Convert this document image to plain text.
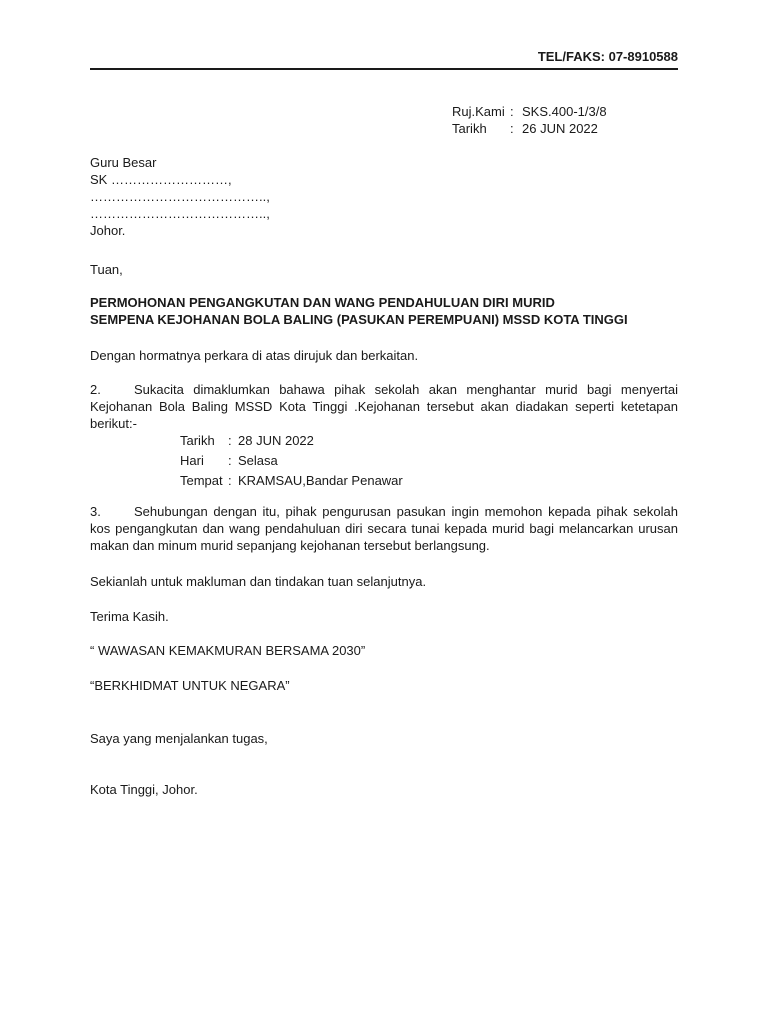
TEL/FAKS: 07-8910588
Ruj.Kami : SKS.400-1/3/8
Tarikh	: 26 JUN 2022
Guru Besar
SK ………………………,
…………………………………..,
…………………………………..,
Johor.
Tuan,
PERMOHONAN PENGANGKUTAN DAN WANG PENDAHULUAN DIRI MURID
SEMPENA KEJOHANAN BOLA BALING (PASUKAN PEREMPUANI) MSSD KOTA TINGGI
Dengan hormatnya perkara di atas dirujuk dan berkaitan.
2.	Sukacita dimaklumkan bahawa pihak sekolah akan menghantar murid bagi menyertai Kejohanan Bola Baling MSSD Kota Tinggi .Kejohanan tersebut akan diadakan seperti ketetapan berikut:-
Tarikh	: 28 JUN 2022
Hari	: Selasa
Tempat : KRAMSAU,Bandar Penawar
3.	Sehubungan dengan itu, pihak pengurusan pasukan ingin memohon kepada pihak sekolah kos pengangkutan dan wang pendahuluan diri secara tunai kepada murid bagi melancarkan urusan makan dan minum murid sepanjang kejohanan tersebut berlangsung.
Sekianlah untuk makluman dan tindakan tuan selanjutnya.
Terima Kasih.
“ WAWASAN KEMAKMURAN BERSAMA 2030”
“BERKHIDMAT UNTUK NEGARA”
Saya yang menjalankan tugas,
Kota Tinggi, Johor.
